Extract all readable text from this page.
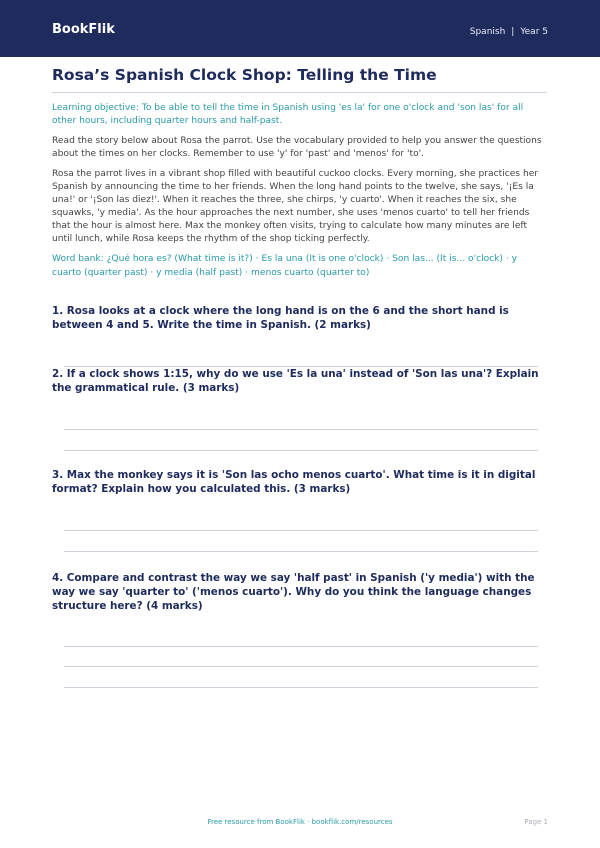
BookFlik	Spanish | Year 5
Rosa’s Spanish Clock Shop: Telling the Time
Learning objective: To be able to tell the time in Spanish using 'es la' for one o'clock and 'son las' for all other hours, including quarter hours and half-past.
Read the story below about Rosa the parrot. Use the vocabulary provided to help you answer the questions about the times on her clocks. Remember to use 'y' for 'past' and 'menos' for 'to'.
Rosa the parrot lives in a vibrant shop filled with beautiful cuckoo clocks. Every morning, she practices her Spanish by announcing the time to her friends. When the long hand points to the twelve, she says, '¡Es la una!' or '¡Son las diez!'. When it reaches the three, she chirps, 'y cuarto'. When it reaches the six, she squawks, 'y media'. As the hour approaches the next number, she uses 'menos cuarto' to tell her friends that the hour is almost here. Max the monkey often visits, trying to calculate how many minutes are left until lunch, while Rosa keeps the rhythm of the shop ticking perfectly.
Word bank: ¿Qué hora es? (What time is it?) · Es la una (It is one o'clock) · Son las... (It is... o'clock) · y cuarto (quarter past) · y media (half past) · menos cuarto (quarter to)
1. Rosa looks at a clock where the long hand is on the 6 and the short hand is between 4 and 5. Write the time in Spanish. (2 marks)
2. If a clock shows 1:15, why do we use 'Es la una' instead of 'Son las una'? Explain the grammatical rule. (3 marks)
3. Max the monkey says it is 'Son las ocho menos cuarto'. What time is it in digital format? Explain how you calculated this. (3 marks)
4. Compare and contrast the way we say 'half past' in Spanish ('y media') with the way we say 'quarter to' ('menos cuarto'). Why do you think the language changes structure here? (4 marks)
Free resource from BookFlik · bookflik.com/resources	Page 1
